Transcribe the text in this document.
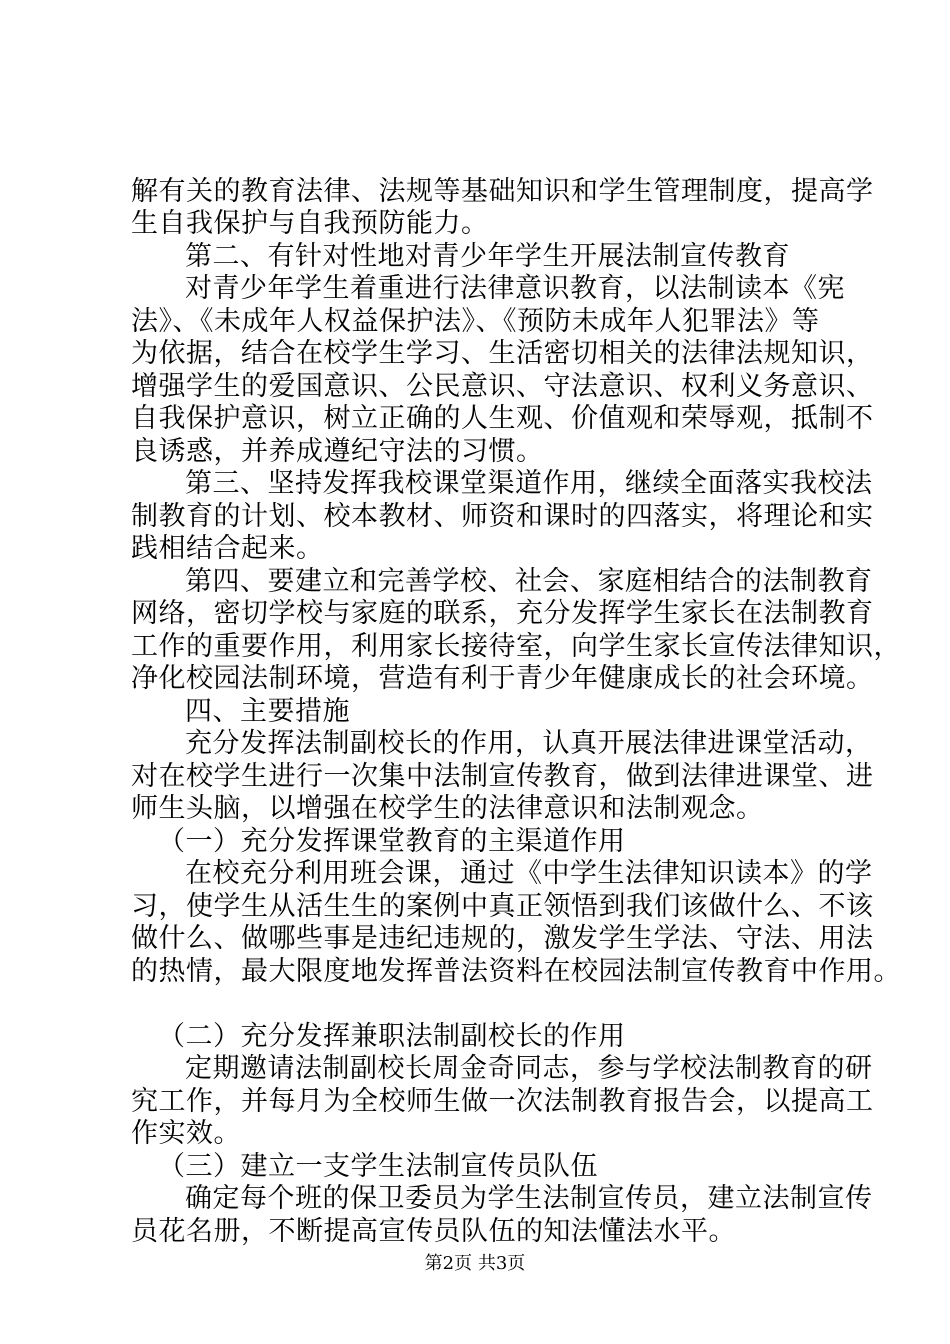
解有关的教育法律、法规等基础知识和学生管理制度，提高学
生自我保护与自我预防能力。
第二、有针对性地对青少年学生开展法制宣传教育
对青少年学生着重进行法律意识教育，以法制读本《宪
法》、《未成年人权益保护法》、《预防未成年人犯罪法》等
为依据，结合在校学生学习、生活密切相关的法律法规知识，
增强学生的爱国意识、公民意识、守法意识、权利义务意识、
自我保护意识，树立正确的人生观、价值观和荣辱观，抵制不
良诱惑，并养成遵纪守法的习惯。
第三、坚持发挥我校课堂渠道作用，继续全面落实我校法
制教育的计划、校本教材、师资和课时的四落实，将理论和实
践相结合起来。
第四、要建立和完善学校、社会、家庭相结合的法制教育
网络，密切学校与家庭的联系，充分发挥学生家长在法制教育
工作的重要作用，利用家长接待室，向学生家长宣传法律知识，
净化校园法制环境，营造有利于青少年健康成长的社会环境。
四、主要措施
充分发挥法制副校长的作用，认真开展法律进课堂活动，
对在校学生进行一次集中法制宣传教育，做到法律进课堂、进
师生头脑，以增强在校学生的法律意识和法制观念。
（一）充分发挥课堂教育的主渠道作用
在校充分利用班会课，通过《中学生法律知识读本》的学
习，使学生从活生生的案例中真正领悟到我们该做什么、不该
做什么、做哪些事是违纪违规的，激发学生学法、守法、用法
的热情，最大限度地发挥普法资料在校园法制宣传教育中作用。
（二）充分发挥兼职法制副校长的作用
定期邀请法制副校长周金奇同志，参与学校法制教育的研
究工作，并每月为全校师生做一次法制教育报告会，以提高工
作实效。
（三）建立一支学生法制宣传员队伍
确定每个班的保卫委员为学生法制宣传员，建立法制宣传
员花名册，不断提高宣传员队伍的知法懂法水平。
第2页 共3页
